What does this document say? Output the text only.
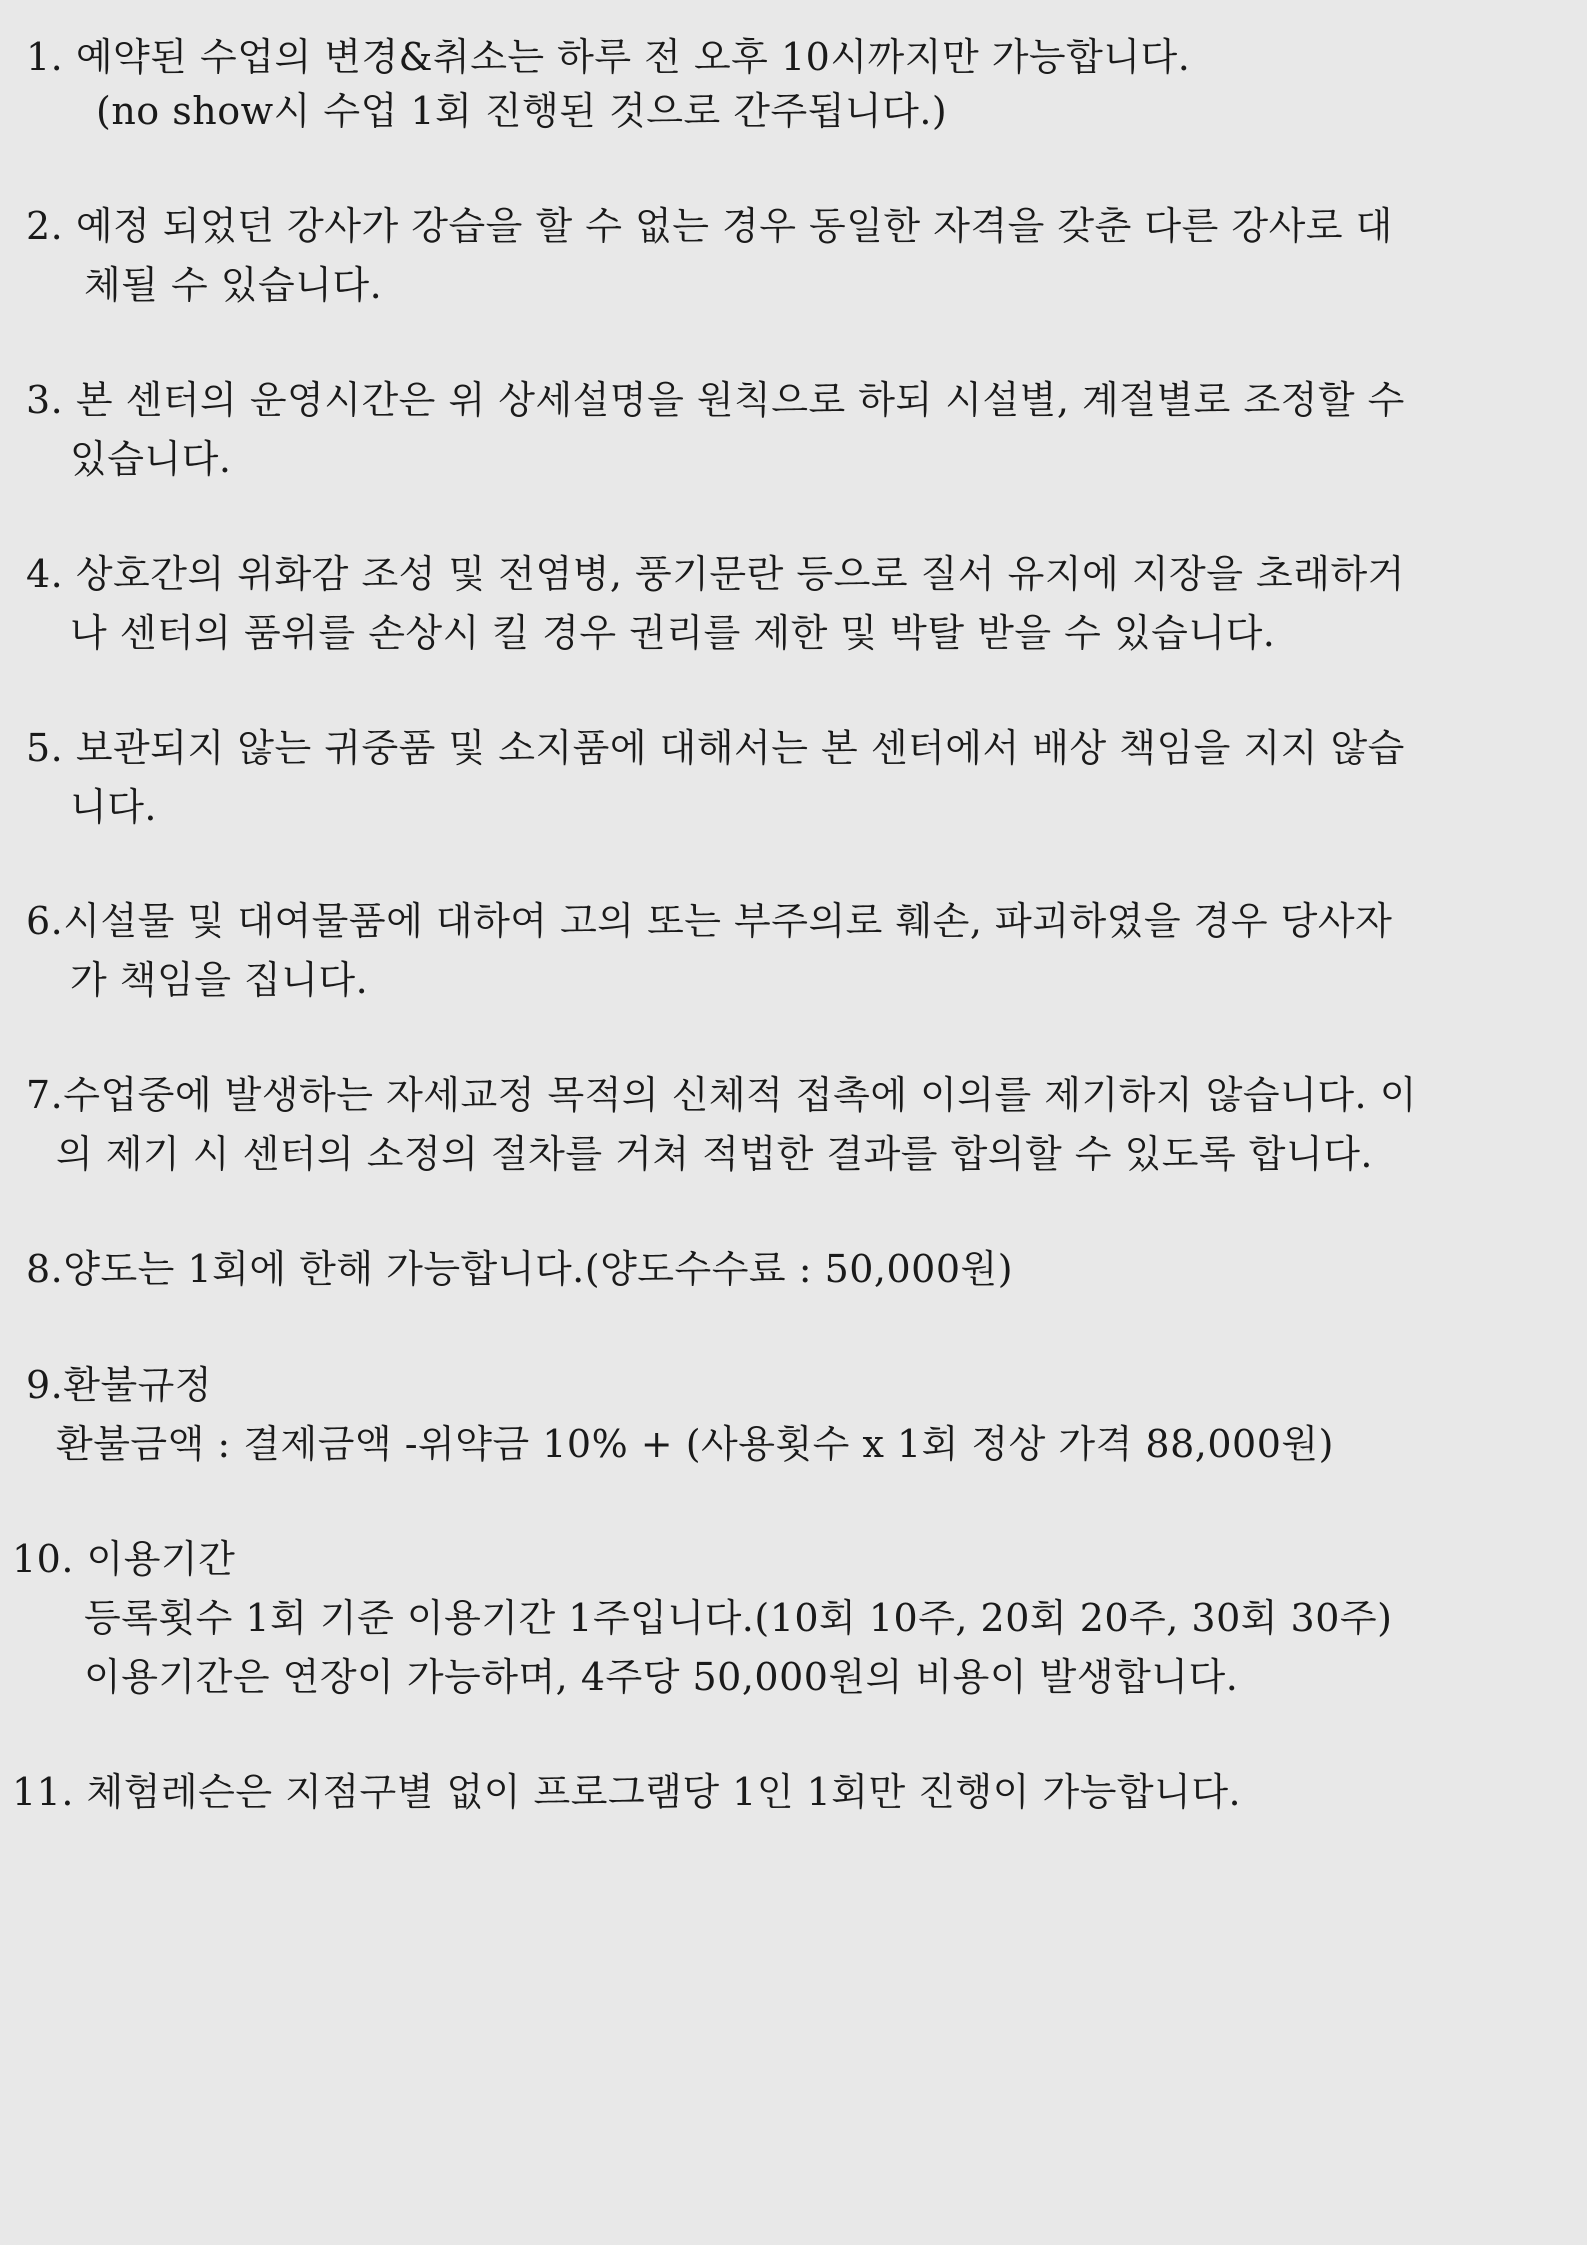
1. 예약된 수업의 변경&취소는 하루 전 오후 10시까지만 가능합니다.
(no show시 수업 1회 진행된 것으로 간주됩니다.)
2. 예정 되었던 강사가 강습을 할 수 없는 경우 동일한 자격을 갖춘 다른 강사로 대
체될 수 있습니다.
3. 본 센터의 운영시간은 위 상세설명을 원칙으로 하되 시설별, 계절별로 조정할 수
있습니다.
4. 상호간의 위화감 조성 및 전염병, 풍기문란 등으로 질서 유지에 지장을 초래하거
나 센터의 품위를 손상시 킬 경우 권리를 제한 및 박탈 받을 수 있습니다.
5. 보관되지 않는 귀중품 및 소지품에 대해서는 본 센터에서 배상 책임을 지지 않습
니다.
6.시설물 및 대여물품에 대하여 고의 또는 부주의로 훼손, 파괴하였을 경우 당사자
가 책임을 집니다.
7.수업중에 발생하는 자세교정 목적의 신체적 접촉에 이의를 제기하지 않습니다. 이
의 제기 시 센터의 소정의 절차를 거쳐 적법한 결과를 합의할 수 있도록 합니다.
8.양도는 1회에 한해 가능합니다.(양도수수료 : 50,000원)
9.환불규정
환불금액 : 결제금액 -위약금 10% + (사용횟수 x 1회 정상 가격 88,000원)
10. 이용기간
등록횟수 1회 기준 이용기간 1주입니다.(10회 10주, 20회 20주, 30회 30주)
이용기간은 연장이 가능하며, 4주당 50,000원의 비용이 발생합니다.
11. 체험레슨은 지점구별 없이 프로그램당 1인 1회만 진행이 가능합니다.
